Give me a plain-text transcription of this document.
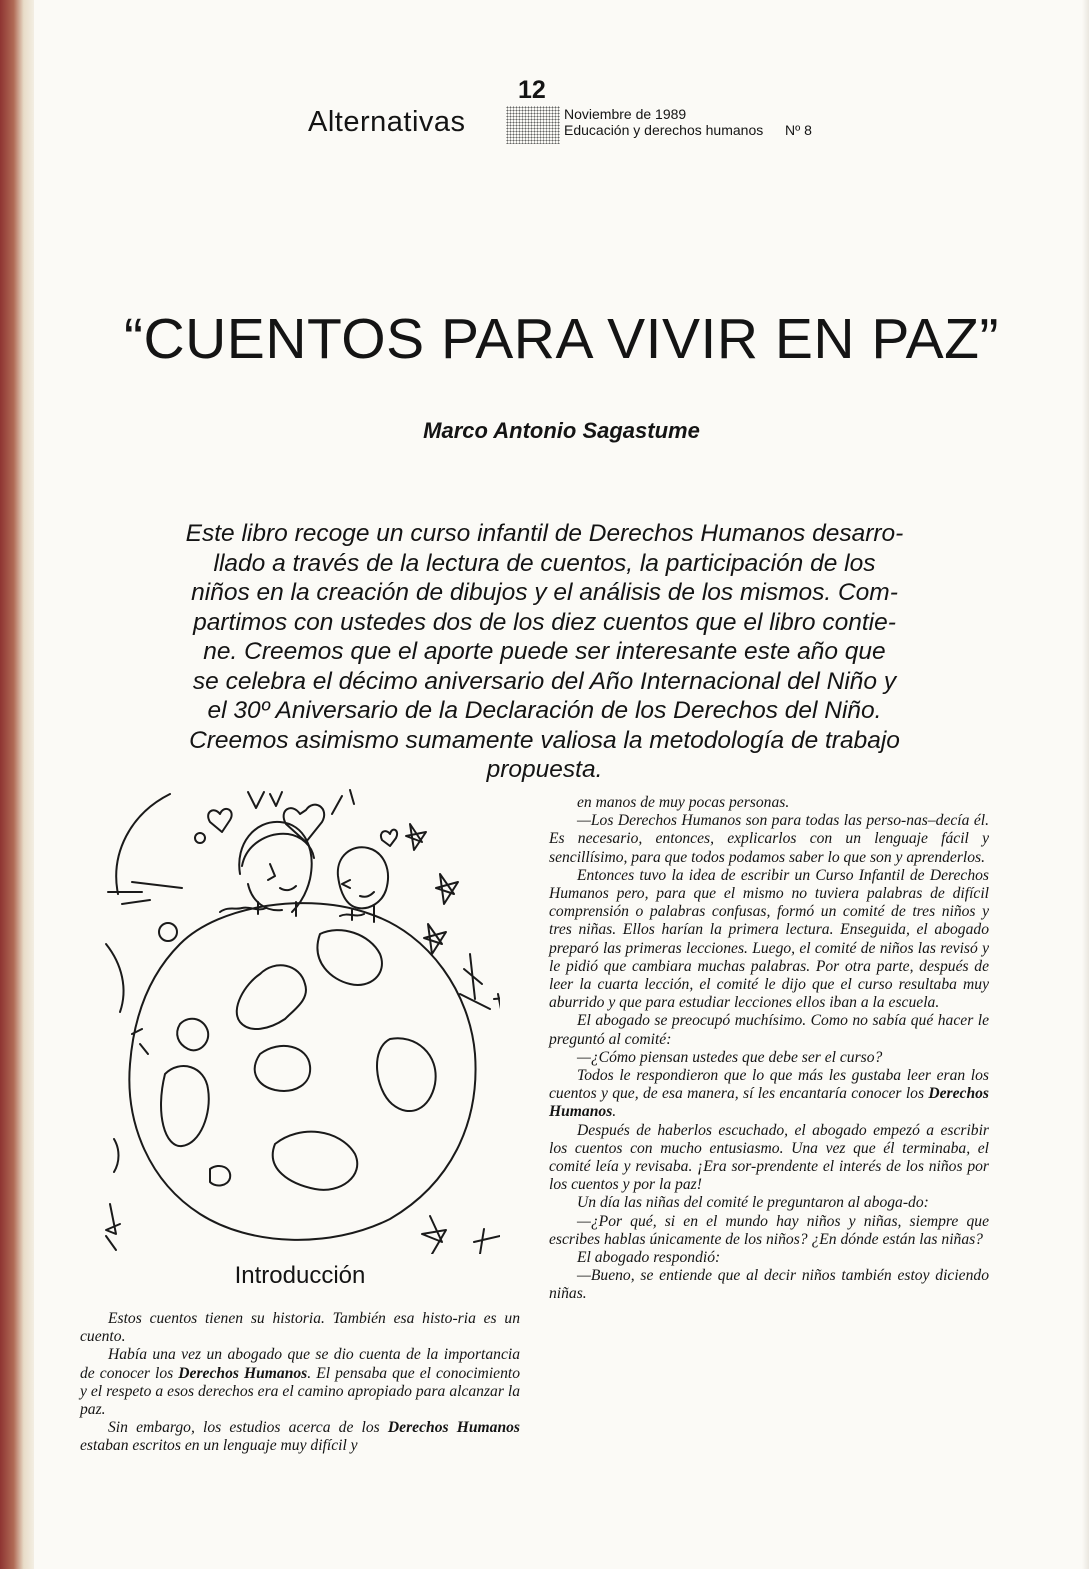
12
Alternativas	Noviembre de 1989
Educación y derechos humanos Nº 8
“CUENTOS PARA VIVIR EN PAZ”
Marco Antonio Sagastume
Este libro recoge un curso infantil de Derechos Humanos desarro-
llado a través de la lectura de cuentos, la participación de los
niños en la creación de dibujos y el análisis de los mismos. Com-
partimos con ustedes dos de los diez cuentos que el libro contie-
ne. Creemos que el aporte puede ser interesante este año que
se celebra el décimo aniversario del Año Internacional del Niño y
el 30º Aniversario de la Declaración de los Derechos del Niño.
Creemos asimismo sumamente valiosa la metodología de trabajo
propuesta.
Introducción

Estos cuentos tienen su historia. También esa histo-ria es un cuento.

Había una vez un abogado que se dio cuenta de la importancia de conocer los Derechos Humanos. El pensaba que el conocimiento y el respeto a esos derechos era el camino apropiado para alcanzar la paz.

Sin embargo, los estudios acerca de los Derechos Humanos estaban escritos en un lenguaje muy difícil y

en manos de muy pocas personas.

—Los Derechos Humanos son para todas las perso-nas–decía él. Es necesario, entonces, explicarlos con un lenguaje fácil y sencillísimo, para que todos podamos saber lo que son y aprenderlos.

Entonces tuvo la idea de escribir un Curso Infantil de Derechos Humanos pero, para que el mismo no tuviera palabras de difícil comprensión o palabras confusas, formó un comité de tres niños y tres niñas. Ellos harían la primera lectura. Enseguida, el abogado preparó las primeras lecciones. Luego, el comité de niños las revisó y le pidió que cambiara muchas palabras. Por otra parte, después de leer la cuarta lección, el comité le dijo que el curso resultaba muy aburrido y que para estudiar lecciones ellos iban a la escuela.

El abogado se preocupó muchísimo. Como no sabía qué hacer le preguntó al comité:

—¿Cómo piensan ustedes que debe ser el curso?

Todos le respondieron que lo que más les gustaba leer eran los cuentos y que, de esa manera, sí les encantaría conocer los Derechos Humanos.

Después de haberlos escuchado, el abogado empezó a escribir los cuentos con mucho entusiasmo. Una vez que él terminaba, el comité leía y revisaba. ¡Era sor-prendente el interés de los niños por los cuentos y por la paz!

Un día las niñas del comité le preguntaron al aboga-do:

—¿Por qué, si en el mundo hay niños y niñas, siempre que escribes hablas únicamente de los niños? ¿En dónde están las niñas?

El abogado respondió:

—Bueno, se entiende que al decir niños también estoy diciendo niñas.
